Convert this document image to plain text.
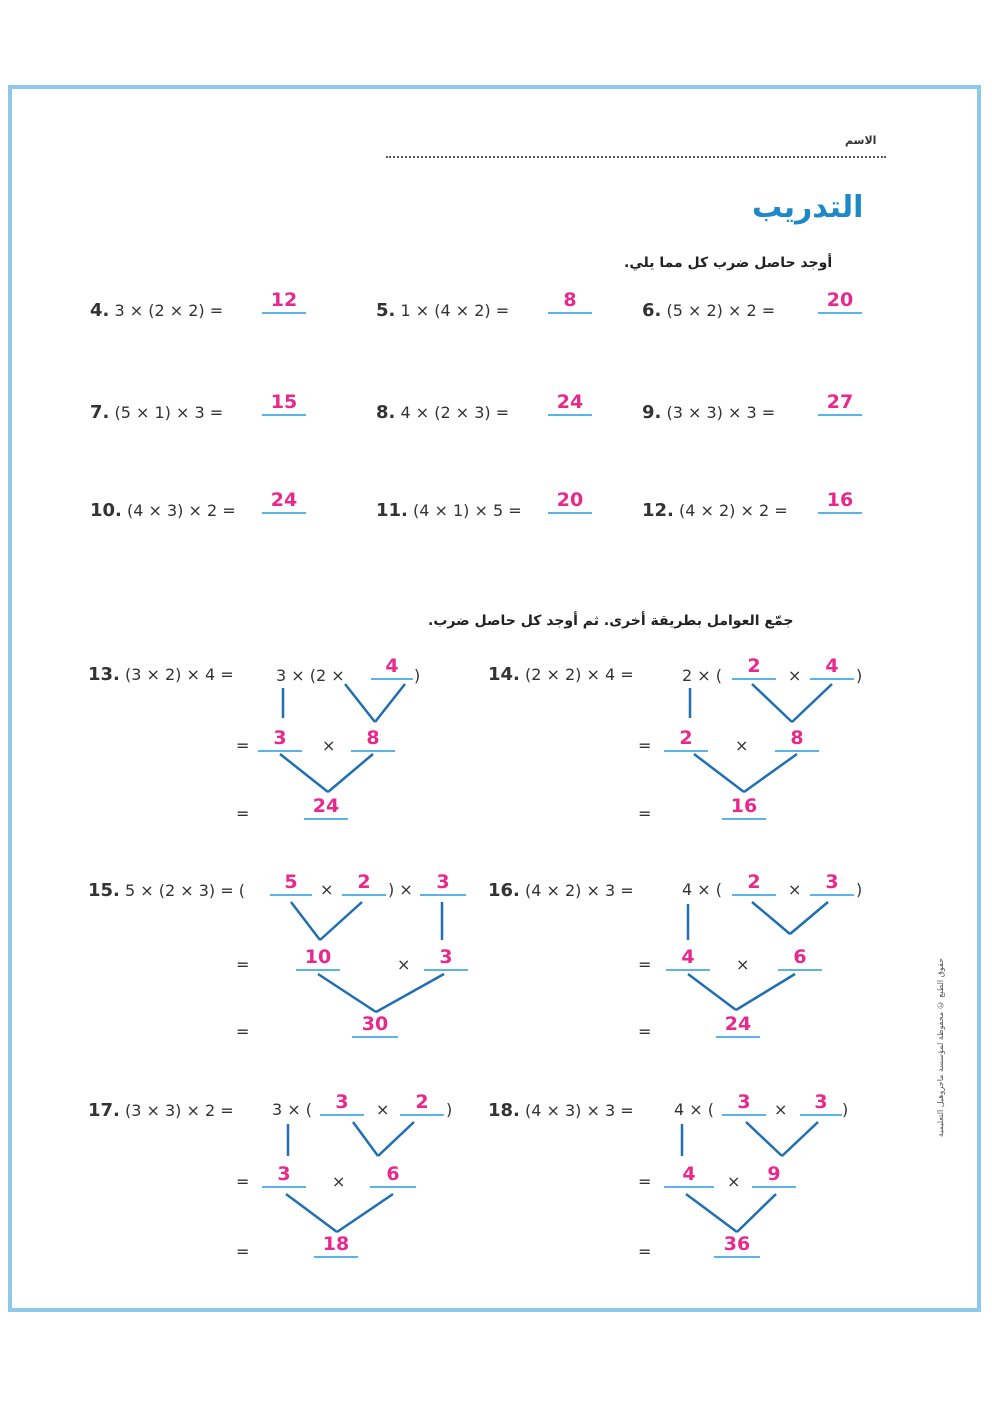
الاسم
التدريب
أوجد حاصل ضرب كل مما يلي.
4. 3 × (2 × 2) =	12	5. 1 × (4 × 2) =	8	6. (5 × 2) × 2 =	20
7. (5 × 1) × 3 =	15	8. 4 × (2 × 3) =	24	9. (3 × 3) × 3 =	27
10. (4 × 3) × 2 =	24	11. (4 × 1) × 5 =	20	12. (4 × 2) × 2 =	16
جمّع العوامل بطريقة أخرى. ثم أوجد كل حاصل ضرب.
13. (3 × 2) × 4 =	3 × (2 ×	4 )
=	3	×	8
=	24
14. (2 × 2) × 4 =	2 × (	2	×	4	)
=	2	×	8
=	16
15. 5 × (2 × 3) = (	5	×	2	) ×	3
=	10	×	3
=	30
16. (4 × 2) × 3 =	4 × (	2	×	3	)
=	4	×	6
=	24
17. (3 × 3) × 2 = 3 × (	3	×	2	)
=	3	×	6
=	18
18. (4 × 3) × 3 =	4 × (	3	×	3 )
=	4	×	9
=	36
حقوق الطبع © محفوظة لمؤسسة ماجروهيل التعليمية
